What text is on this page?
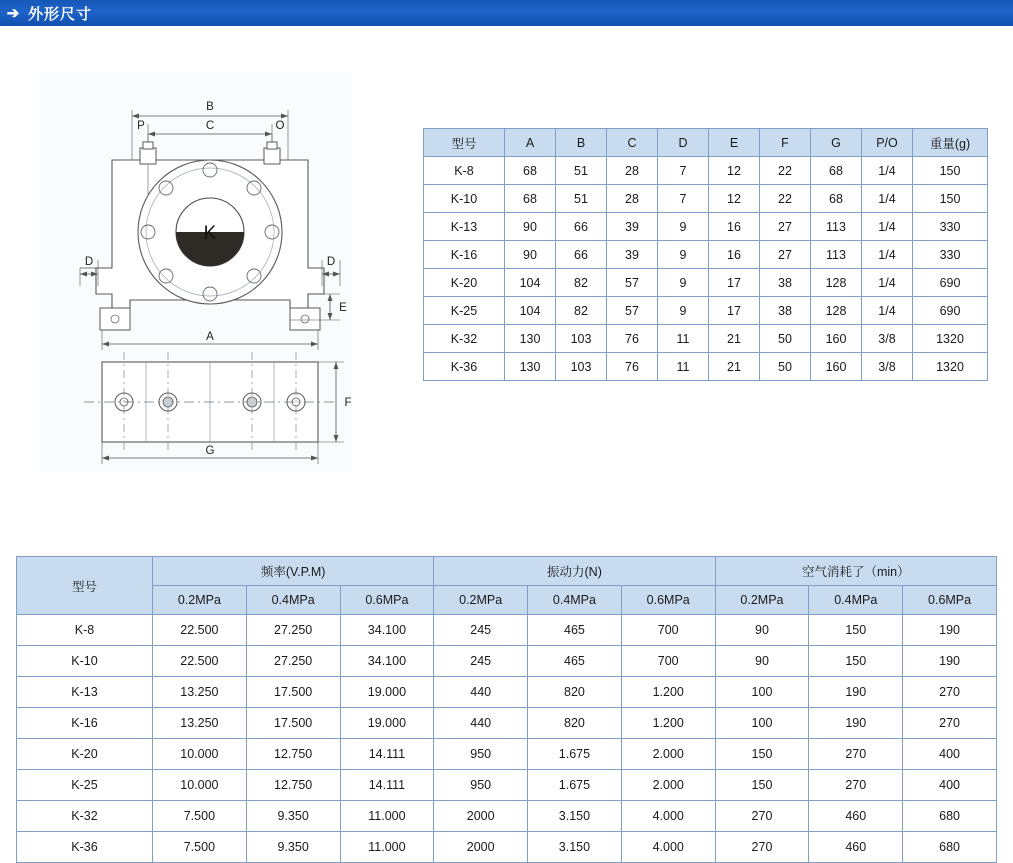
➔ 外形尺寸
B
C
P	O
D	D
E
A
F
G
K
型号	A	B	C	D	E	F	G	P/O	重量(g)
K-8	68	51	28	7	12	22	68	1/4	150
K-10	68	51	28	7	12	22	68	1/4	150
K-13	90	66	39	9	16	27	113	1/4	330
K-16	90	66	39	9	16	27	113	1/4	330
K-20	104	82	57	9	17	38	128	1/4	690
K-25	104	82	57	9	17	38	128	1/4	690
K-32	130	103	76	11	21	50	160	3/8	1320
K-36	130	103	76	11	21	50	160	3/8	1320
型号	频率(V.P.M)			振动力(N)			空气消耗了（min）		
	0.2MPa	0.4MPa	0.6MPa	0.2MPa	0.4MPa	0.6MPa	0.2MPa	0.4MPa	0.6MPa
K-8	22.500	27.250	34.100	245	465	700	90	150	190
K-10	22.500	27.250	34.100	245	465	700	90	150	190
K-13	13.250	17.500	19.000	440	820	1.200	100	190	270
K-16	13.250	17.500	19.000	440	820	1.200	100	190	270
K-20	10.000	12.750	14.111	950	1.675	2.000	150	270	400
K-25	10.000	12.750	14.111	950	1.675	2.000	150	270	400
K-32	7.500	9.350	11.000	2000	3.150	4.000	270	460	680
K-36	7.500	9.350	11.000	2000	3.150	4.000	270	460	680
